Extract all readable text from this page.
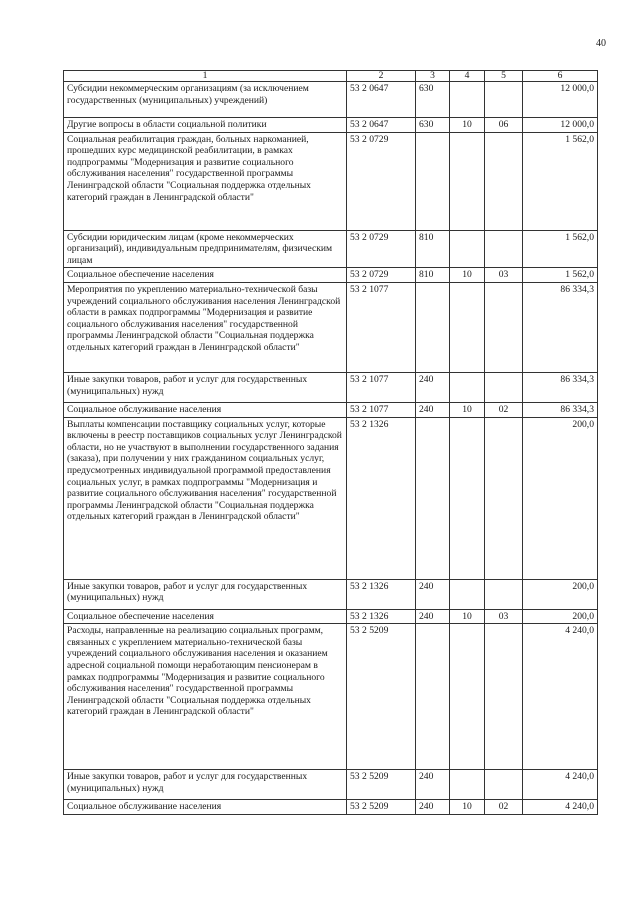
40
1	2	3	4	5	6
Субсидии некоммерческим организациям (за исключением государственных (муниципальных) учреждений)	53 2 0647	630			12 000,0
Другие вопросы в области социальной политики	53 2 0647	630	10	06	12 000,0
Социальная реабилитация граждан, больных наркоманией, прошедших курс медицинской реабилитации, в рамках подпрограммы "Модернизация и развитие социального обслуживания населения" государственной программы Ленинградской области "Социальная поддержка отдельных категорий граждан в Ленинградской области"	53 2 0729				1 562,0
Субсидии юридическим лицам (кроме некоммерческих организаций), индивидуальным предпринимателям, физическим лицам	53 2 0729	810			1 562,0
Социальное обеспечение населения	53 2 0729	810	10	03	1 562,0
Мероприятия по укреплению материально-технической базы учреждений социального обслуживания населения Ленинградской области в рамках подпрограммы "Модернизация и развитие социального обслуживания населения" государственной программы Ленинградской области "Социальная поддержка отдельных категорий граждан в Ленинградской области"	53 2 1077				86 334,3
Иные закупки товаров, работ и услуг для государственных (муниципальных) нужд	53 2 1077	240			86 334,3
Социальное обслуживание населения	53 2 1077	240	10	02	86 334,3
Выплаты компенсации поставщику социальных услуг, которые включены в реестр поставщиков социальных услуг Ленинградской области, но не участвуют в выполнении государственного задания (заказа), при получении у них гражданином социальных услуг, предусмотренных индивидуальной программой предоставления социальных услуг, в рамках подпрограммы "Модернизация и развитие социального обслуживания населения" государственной программы Ленинградской области "Социальная поддержка отдельных категорий граждан в Ленинградской области"	53 2 1326				200,0
Иные закупки товаров, работ и услуг для государственных (муниципальных) нужд	53 2 1326	240			200,0
Социальное обеспечение населения	53 2 1326	240	10	03	200,0
Расходы, направленные на реализацию социальных программ, связанных с укреплением материально-технической базы учреждений социального обслуживания населения и оказанием адресной социальной помощи неработающим пенсионерам в рамках подпрограммы "Модернизация и развитие социального обслуживания населения" государственной программы Ленинградской области "Социальная поддержка отдельных категорий граждан в Ленинградской области"	53 2 5209				4 240,0
Иные закупки товаров, работ и услуг для государственных (муниципальных) нужд	53 2 5209	240			4 240,0
Социальное обслуживание населения	53 2 5209	240	10	02	4 240,0
